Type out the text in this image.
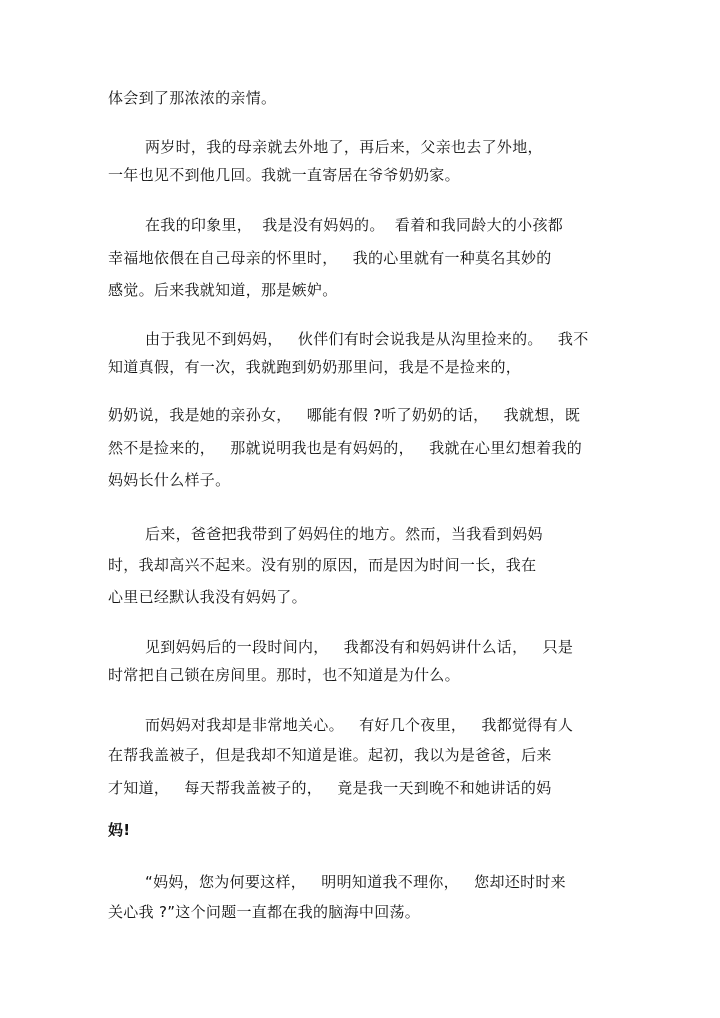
体会到了那浓浓的亲情。
两岁时，我的母亲就去外地了，再后来，父亲也去了外地，
一年也见不到他几回。我就一直寄居在爷爷奶奶家。
在我的印象里，  我是没有妈妈的。  看着和我同龄大的小孩都
幸福地依偎在自己母亲的怀里时，   我的心里就有一种莫名其妙的
感觉。后来我就知道，那是嫉妒。
由于我见不到妈妈，   伙伴们有时会说我是从沟里捡来的。   我不
知道真假，有一次，我就跑到奶奶那里问，我是不是捡来的，
奶奶说，我是她的亲孙女，   哪能有假 ?听了奶奶的话，   我就想，既
然不是捡来的，   那就说明我也是有妈妈的，   我就在心里幻想着我的
妈妈长什么样子。
后来，爸爸把我带到了妈妈住的地方。然而，当我看到妈妈
时，我却高兴不起来。没有别的原因，而是因为时间一长，我在
心里已经默认我没有妈妈了。
见到妈妈后的一段时间内，   我都没有和妈妈讲什么话，   只是
时常把自己锁在房间里。那时，也不知道是为什么。
而妈妈对我却是非常地关心。   有好几个夜里，   我都觉得有人
在帮我盖被子，但是我却不知道是谁。起初，我以为是爸爸，后来
才知道，   每天帮我盖被子的，   竟是我一天到晚不和她讲话的妈
妈!
“妈妈，您为何要这样，   明明知道我不理你，   您却还时时来
关心我 ?”这个问题一直都在我的脑海中回荡。
